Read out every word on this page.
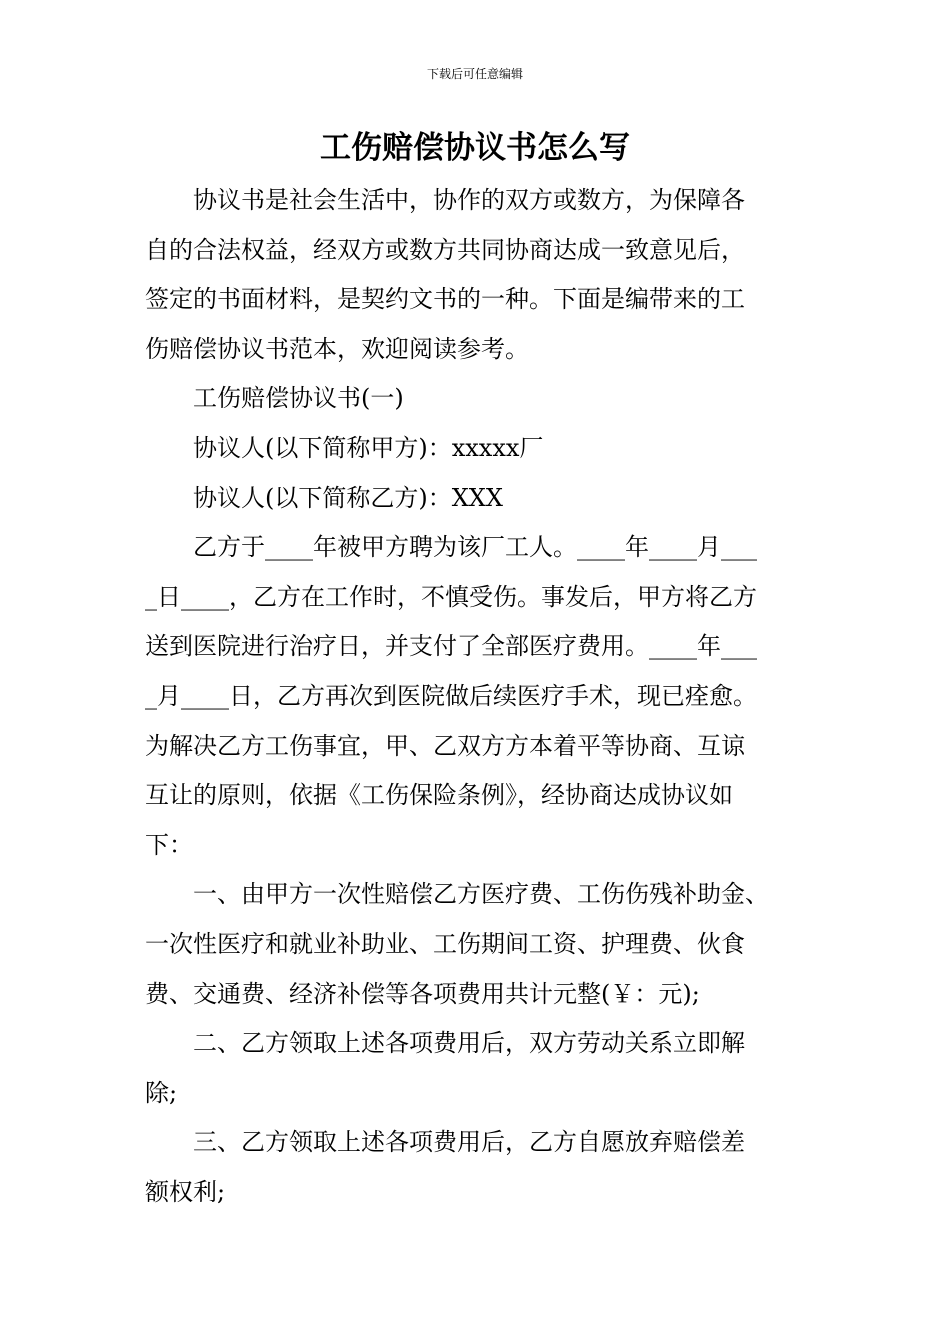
下载后可任意编辑
工伤赔偿协议书怎么写
　　协议书是社会生活中，协作的双方或数方，为保障各
自的合法权益，经双方或数方共同协商达成一致意见后，
签定的书面材料，是契约文书的一种。下面是编带来的工
伤赔偿协议书范本，欢迎阅读参考。
　　工伤赔偿协议书(一)
　　协议人(以下简称甲方)：xxxxx厂
　　协议人(以下简称乙方)：XXX
　　乙方于____年被甲方聘为该厂工人。____年____月___
_日____，乙方在工作时，不慎受伤。事发后，甲方将乙方
送到医院进行治疗日，并支付了全部医疗费用。____年___
_月____日，乙方再次到医院做后续医疗手术，现已痊愈。
为解决乙方工伤事宜，甲、乙双方方本着平等协商、互谅
互让的原则，依据《工伤保险条例》，经协商达成协议如
下：
　　一、由甲方一次性赔偿乙方医疗费、工伤伤残补助金、
一次性医疗和就业补助业、工伤期间工资、护理费、伙食
费、交通费、经济补偿等各项费用共计元整(￥：元);
　　二、乙方领取上述各项费用后，双方劳动关系立即解
除;
　　三、乙方领取上述各项费用后，乙方自愿放弃赔偿差
额权利;
